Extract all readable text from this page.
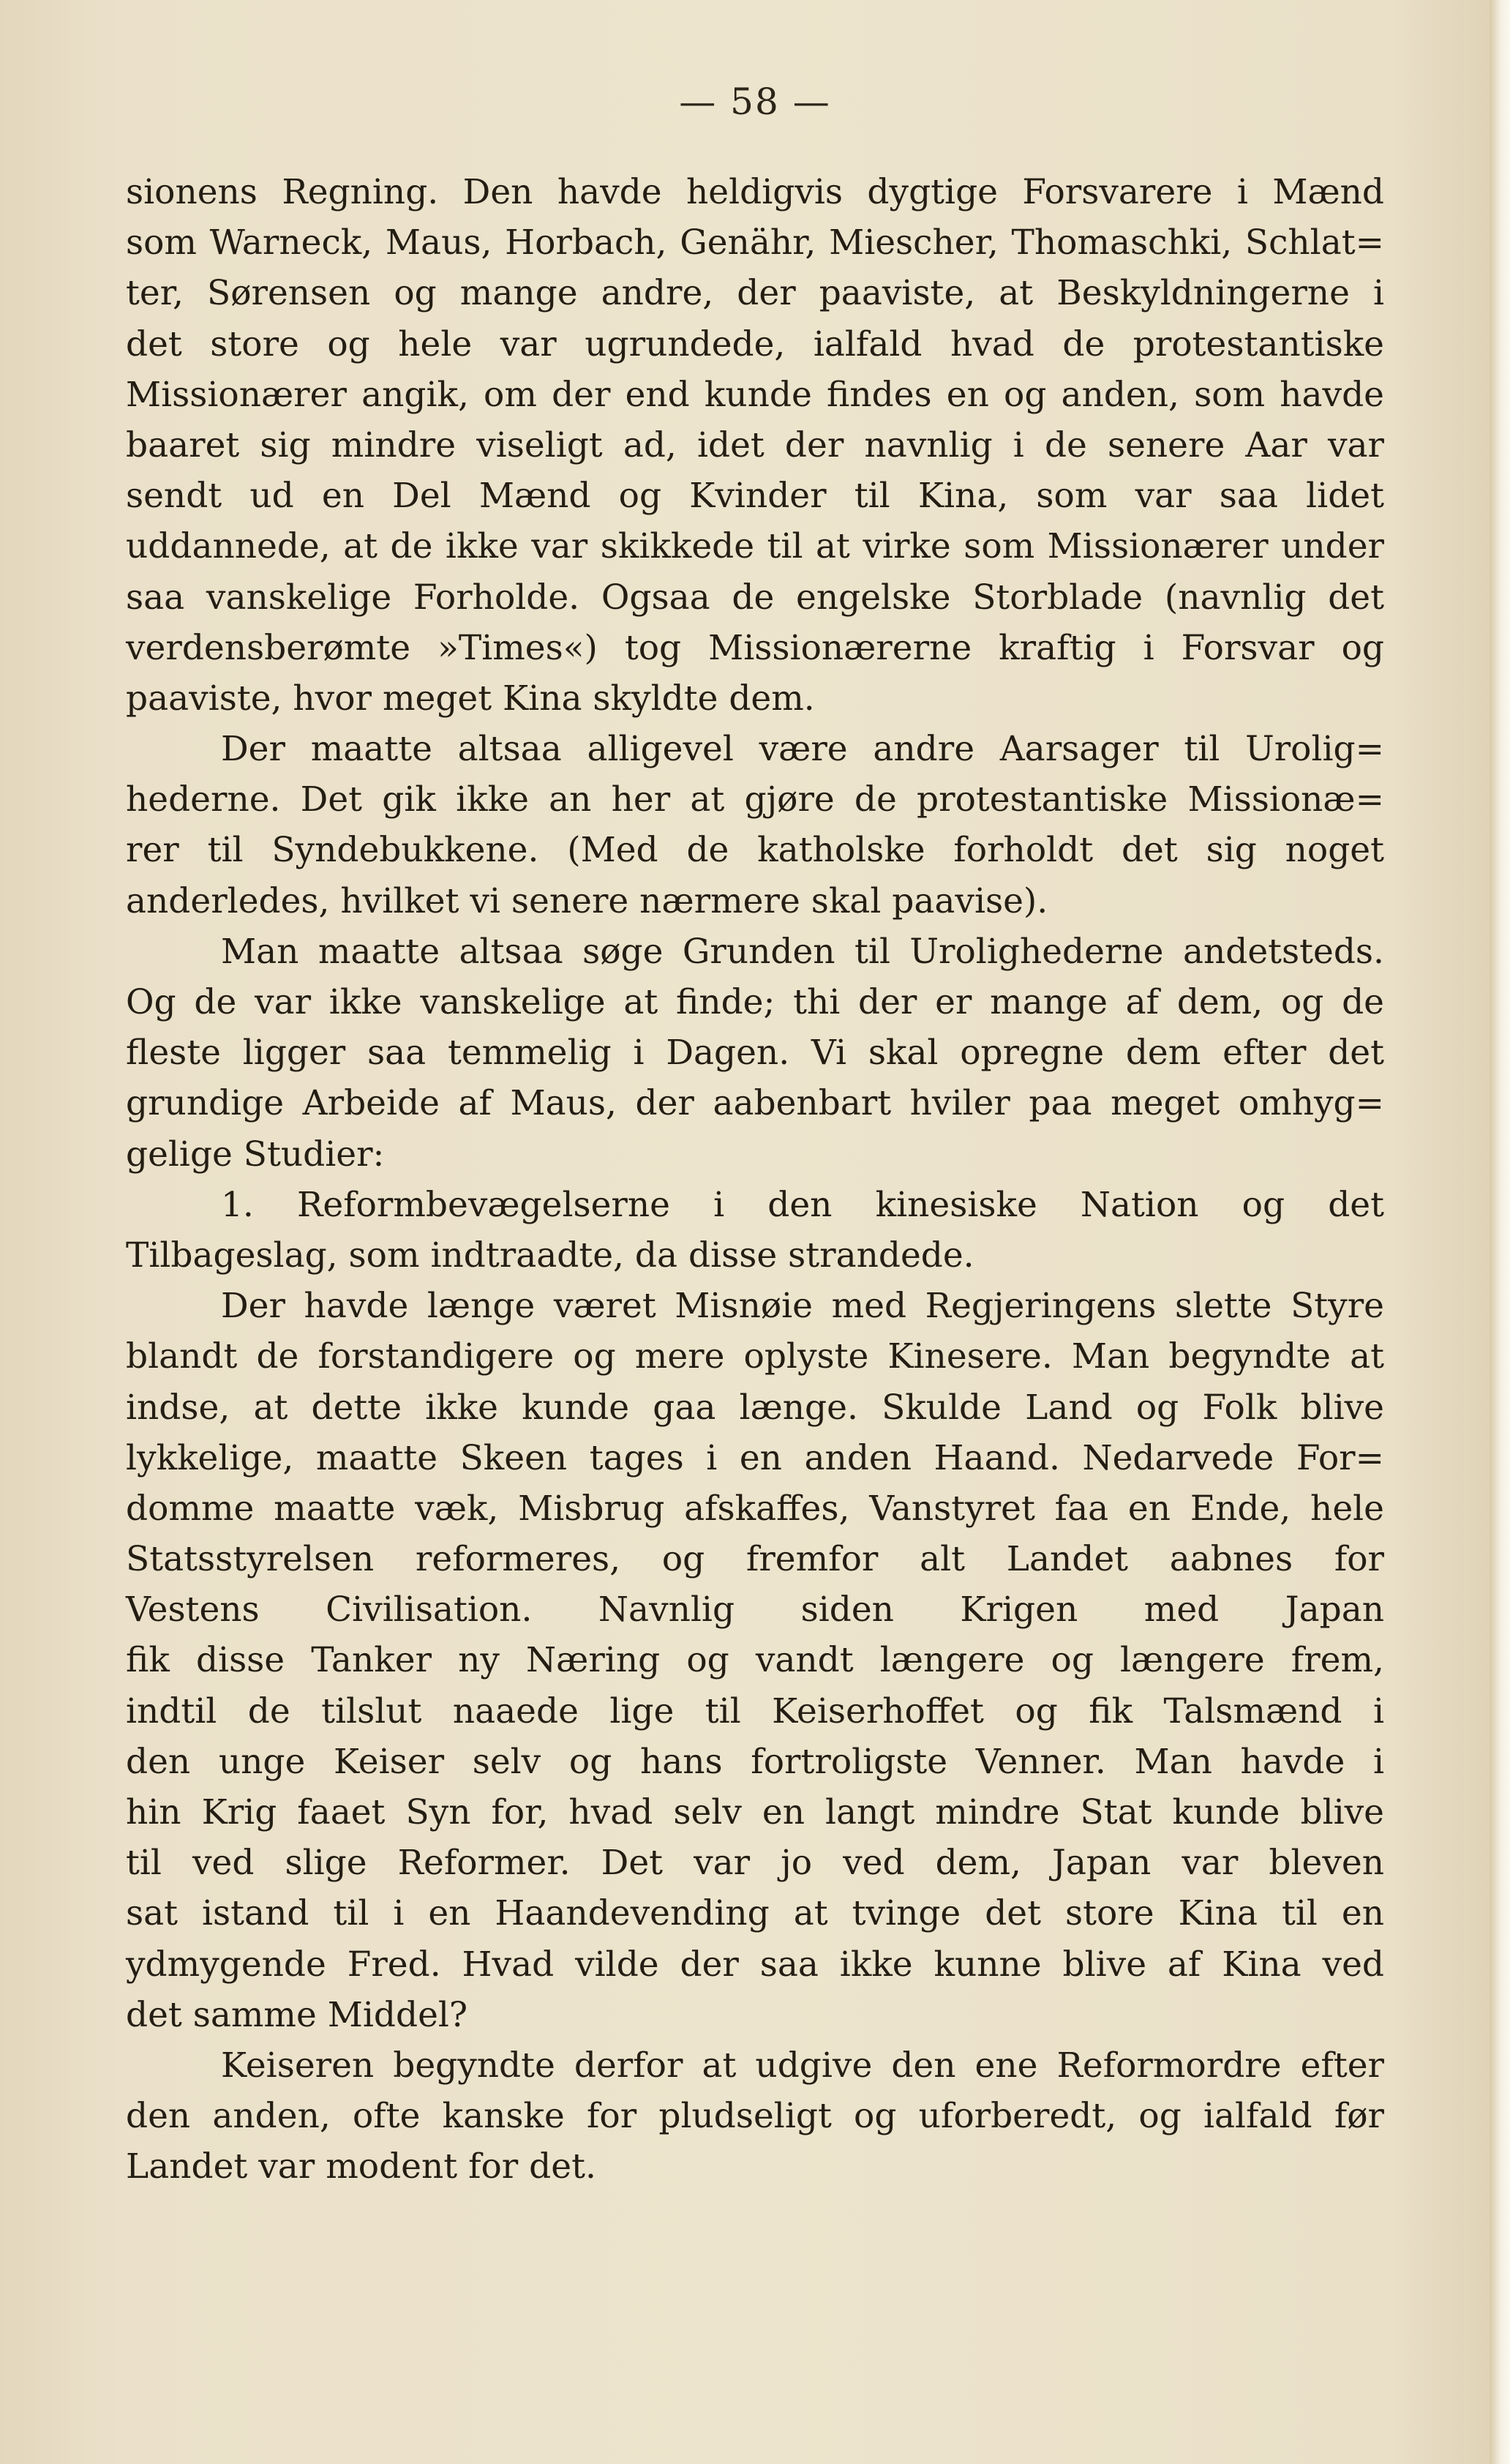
— 58 —
sionens Regning. Den havde heldigvis dygtige Forsvarere i Mænd
som Warneck, Maus, Horbach, Genähr, Miescher, Thomaschki, Schlat=
ter, Sørensen og mange andre, der paaviste, at Beskyldningerne i
det store og hele var ugrundede, ialfald hvad de protestantiske
Missionærer angik, om der end kunde findes en og anden, som havde
baaret sig mindre viseligt ad, idet der navnlig i de senere Aar var
sendt ud en Del Mænd og Kvinder til Kina, som var saa lidet
uddannede, at de ikke var skikkede til at virke som Missionærer under
saa vanskelige Forholde. Ogsaa de engelske Storblade (navnlig det
verdensberømte »Times«) tog Missionærerne kraftig i Forsvar og
paaviste, hvor meget Kina skyldte dem.
Der maatte altsaa alligevel være andre Aarsager til Urolig=
hederne. Det gik ikke an her at gjøre de protestantiske Missionæ=
rer til Syndebukkene. (Med de katholske forholdt det sig noget
anderledes, hvilket vi senere nærmere skal paavise).
Man maatte altsaa søge Grunden til Urolighederne andetsteds.
Og de var ikke vanskelige at finde; thi der er mange af dem, og de
fleste ligger saa temmelig i Dagen. Vi skal opregne dem efter det
grundige Arbeide af Maus, der aabenbart hviler paa meget omhyg=
gelige Studier:
1. Reformbevægelserne i den kinesiske Nation og det
Tilbageslag, som indtraadte, da disse strandede.
Der havde længe været Misnøie med Regjeringens slette Styre
blandt de forstandigere og mere oplyste Kinesere. Man begyndte at
indse, at dette ikke kunde gaa længe. Skulde Land og Folk blive
lykkelige, maatte Skeen tages i en anden Haand. Nedarvede For=
domme maatte væk, Misbrug afskaffes, Vanstyret faa en Ende, hele
Statsstyrelsen reformeres, og fremfor alt Landet aabnes for
Vestens Civilisation. Navnlig siden Krigen med Japan
fik disse Tanker ny Næring og vandt længere og længere frem,
indtil de tilslut naaede lige til Keiserhoffet og fik Talsmænd i
den unge Keiser selv og hans fortroligste Venner. Man havde i
hin Krig faaet Syn for, hvad selv en langt mindre Stat kunde blive
til ved slige Reformer. Det var jo ved dem, Japan var bleven
sat istand til i en Haandevending at tvinge det store Kina til en
ydmygende Fred. Hvad vilde der saa ikke kunne blive af Kina ved
det samme Middel?
Keiseren begyndte derfor at udgive den ene Reformordre efter
den anden, ofte kanske for pludseligt og uforberedt, og ialfald før
Landet var modent for det.
